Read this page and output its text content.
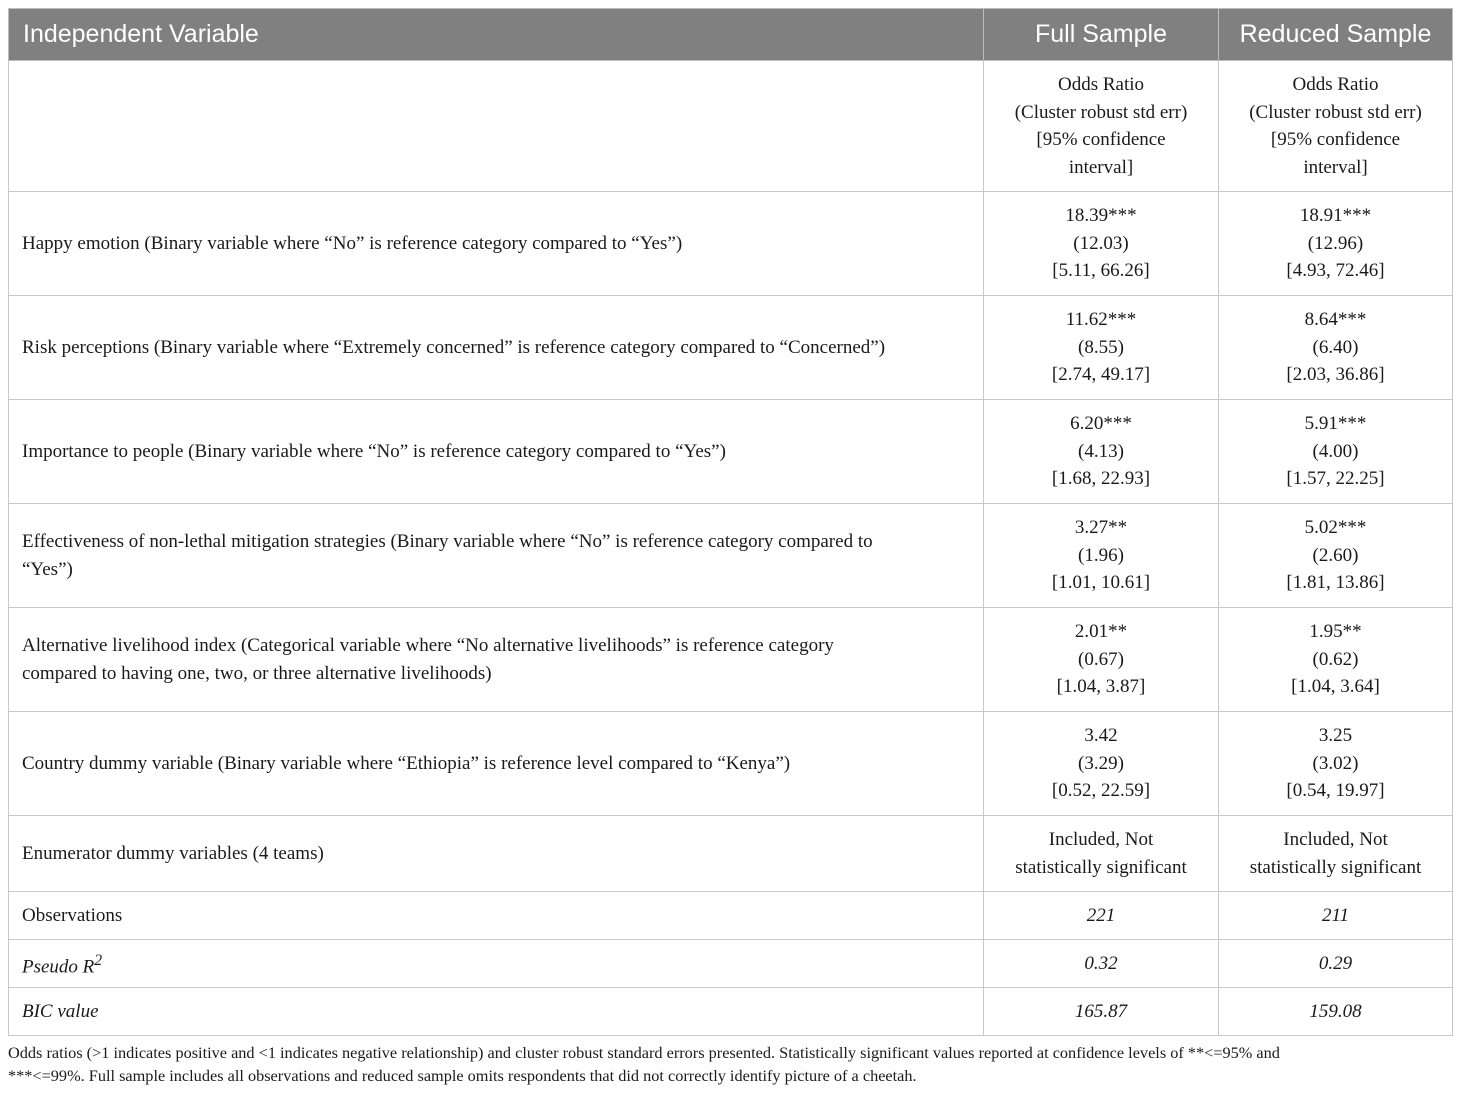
Independent Variable	Full Sample	Reduced Sample

	Odds Ratio
(Cluster robust std err)
[95% confidence
interval]	Odds Ratio
(Cluster robust std err)
[95% confidence
interval]

Happy emotion (Binary variable where “No” is reference category compared to “Yes”)	18.39***
(12.03)
[5.11, 66.26]	18.91***
(12.96)
[4.93, 72.46]

Risk perceptions (Binary variable where “Extremely concerned” is reference category compared to “Concerned”)	11.62***
(8.55)
[2.74, 49.17]	8.64***
(6.40)
[2.03, 36.86]

Importance to people (Binary variable where “No” is reference category compared to “Yes”)	6.20***
(4.13)
[1.68, 22.93]	5.91***
(4.00)
[1.57, 22.25]

Effectiveness of non-lethal mitigation strategies (Binary variable where “No” is reference category compared to
“Yes”)	3.27**
(1.96)
[1.01, 10.61]	5.02***
(2.60)
[1.81, 13.86]

Alternative livelihood index (Categorical variable where “No alternative livelihoods” is reference category
compared to having one, two, or three alternative livelihoods)	2.01**
(0.67)
[1.04, 3.87]	1.95**
(0.62)
[1.04, 3.64]

Country dummy variable (Binary variable where “Ethiopia” is reference level compared to “Kenya”)	3.42
(3.29)
[0.52, 22.59]	3.25
(3.02)
[0.54, 19.97]

Enumerator dummy variables (4 teams)	Included, Not
statistically significant	Included, Not
statistically significant

Observations	221	211
Pseudo $R^2$	0.32	0.29
BIC value	165.87	159.08
Odds ratios (>1 indicates positive and <1 indicates negative relationship) and cluster robust standard errors presented. Statistically significant values reported at confidence levels of **<=95% and
***<=99%. Full sample includes all observations and reduced sample omits respondents that did not correctly identify picture of a cheetah.
